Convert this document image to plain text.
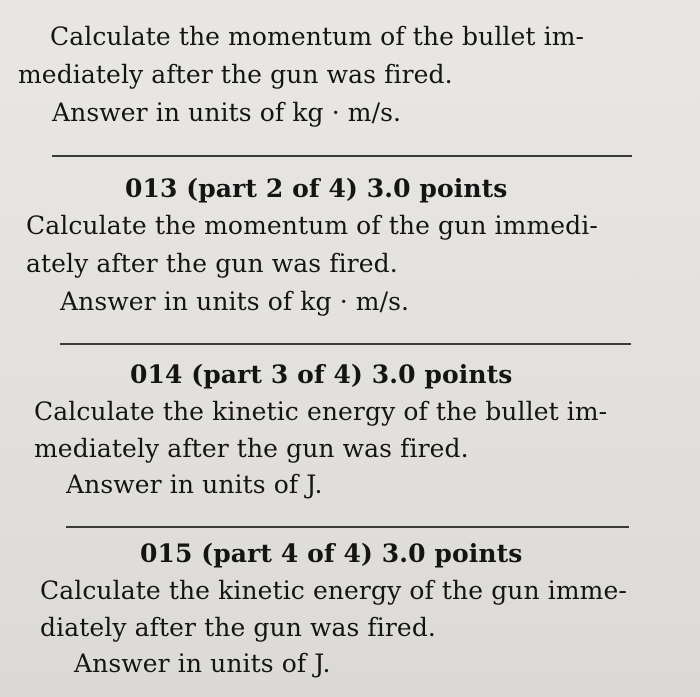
Calculate the momentum of the bullet im-
mediately after the gun was fired.
Answer in units of kg · m/s.
013 (part 2 of 4) 3.0 points
Calculate the momentum of the gun immedi-
ately after the gun was fired.
Answer in units of kg · m/s.
014 (part 3 of 4) 3.0 points
Calculate the kinetic energy of the bullet im-
mediately after the gun was fired.
Answer in units of J.
015 (part 4 of 4) 3.0 points
Calculate the kinetic energy of the gun imme-
diately after the gun was fired.
Answer in units of J.
